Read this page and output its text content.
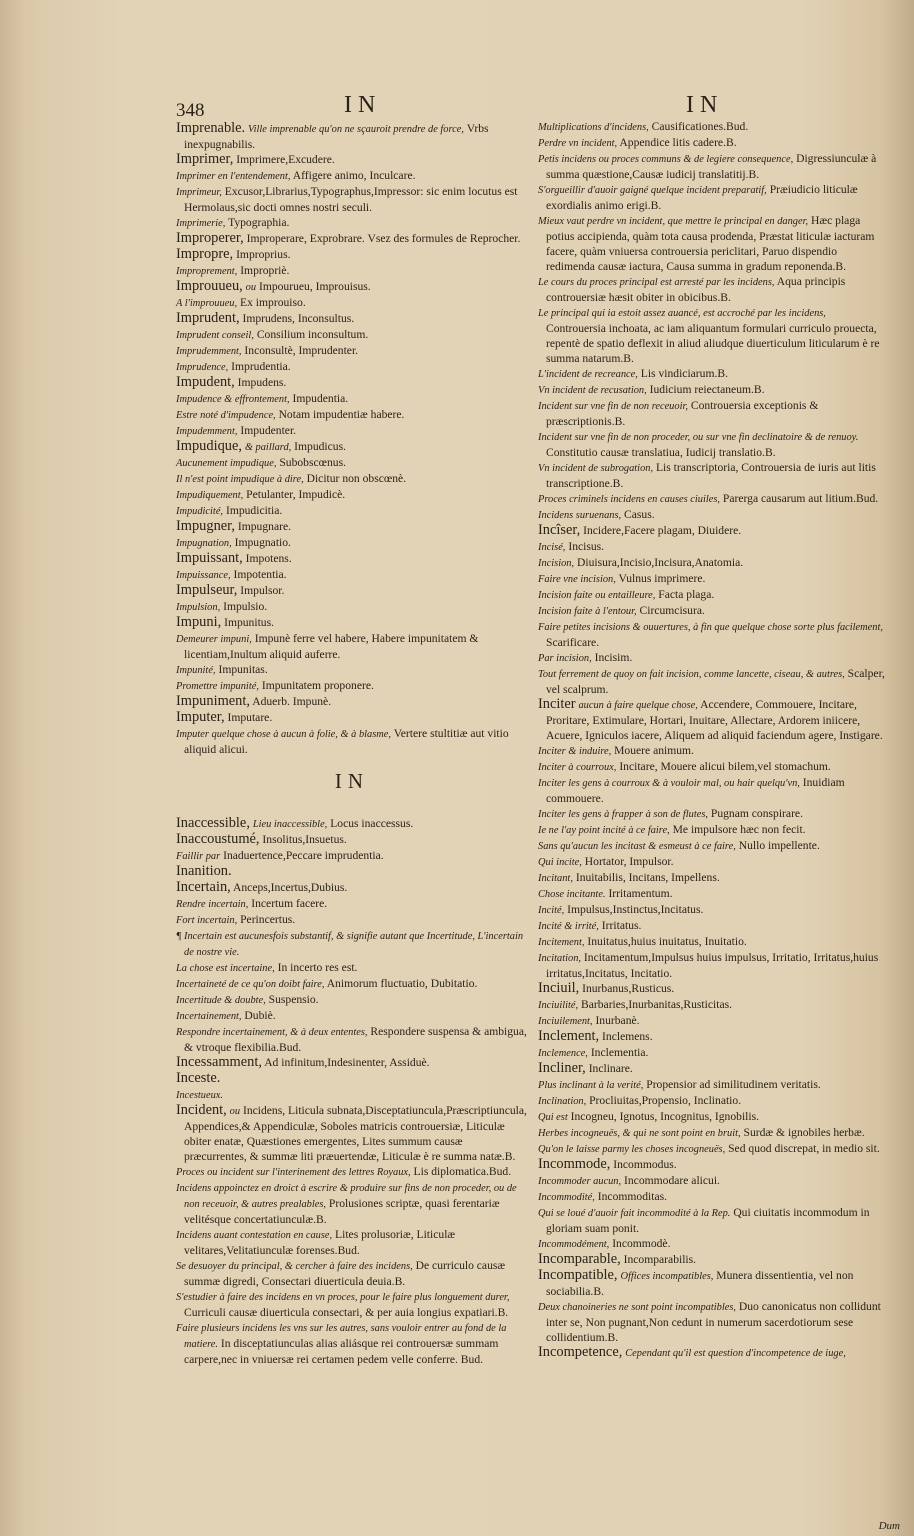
348	IN	IN

Imprenable. Ville imprenable qu'on ne sçauroit prendre de force, Vrbs inexpugnabilis.

Imprimer, Imprimere,Excudere.

Imprimer en l'entendement, Affigere animo, Inculcare.

Imprimeur, Excusor,Librarius,Typographus,Impressor: sic enim locutus est Hermolaus,sic docti omnes nostri seculi.

Imprimerie, Typographia.

Improperer, Improperare, Exprobrare. Vsez des formules de Reprocher.

Impropre, Improprius.

Improprement, Impropriè.

Improuueu, ou Impourueu, Improuisus.

A l'improuueu, Ex improuiso.

Imprudent, Imprudens, Inconsultus.

Imprudent conseil, Consilium inconsultum.

Imprudemment, Inconsultè, Imprudenter.

Imprudence, Imprudentia.

Impudent, Impudens.

Impudence & effrontement, Impudentia.

Estre noté d'impudence, Notam impudentiæ habere.

Impudemment, Impudenter.

Impudique, & paillard, Impudicus.

Aucunement impudique, Subobscœnus.

Il n'est point impudique à dire, Dicitur non obscœnè.

Impudiquement, Petulanter, Impudicè.

Impudicité, Impudicitia.

Impugner, Impugnare.

Impugnation, Impugnatio.

Impuissant, Impotens.

Impuissance, Impotentia.

Impulseur, Impulsor.

Impulsion, Impulsio.

Impuni, Impunitus.

Demeurer impuni, Impunè ferre vel habere, Habere impunitatem & licentiam,Inultum aliquid auferre.

Impunité, Impunitas.

Promettre impunité, Impunitatem proponere.

Impuniment, Aduerb. Impunè.

Imputer, Imputare.

Imputer quelque chose à aucun à folie, & à blasme, Vertere stultitiæ aut vitio aliquid alicui.

IN

Inaccessible, Lieu inaccessible, Locus inaccessus.

Inaccoustumé, Insolitus,Insuetus.

Faillir par Inaduertence,Peccare imprudentia.

Inanition.

Incertain, Anceps,Incertus,Dubius.

Rendre incertain, Incertum facere.

Fort incertain, Perincertus.

¶ Incertain est aucunesfois substantif, & signifie autant que Incertitude, L'incertain de nostre vie.

La chose est incertaine, In incerto res est.

Incertaineté de ce qu'on doibt faire, Animorum fluctuatio, Dubitatio.

Incertitude & doubte, Suspensio.

Incertainement, Dubiè.

Respondre incertainement, & à deux ententes, Respondere suspensa & ambigua, & vtroque flexibilia.Bud.

Incessamment, Ad infinitum,Indesinenter, Assiduè.

Inceste.

Incestueux.

Incident, ou Incidens, Liticula subnata,Disceptatiuncula,Præscriptiuncula, Appendices,& Appendiculæ, Soboles matricis controuersiæ, Liticulæ obiter enatæ, Quæstiones emergentes, Lites summum causæ præcurrentes, & summæ liti præuertendæ, Liticulæ è re summa natæ.B.

Proces ou incident sur l'interinement des lettres Royaux, Lis diplomatica.Bud.

Incidens appoinctez en droict à escrire & produire sur fins de non proceder, ou de non receuoir, & autres prealables, Prolusiones scriptæ, quasi ferentariæ velitésque concertatiunculæ.B.

Incidens auant contestation en cause, Lites prolusoriæ, Liticulæ velitares,Velitatiunculæ forenses.Bud.

Se desuoyer du principal, & cercher à faire des incidens, De curriculo causæ summæ digredi, Consectari diuerticula deuia.B.

S'estudier à faire des incidens en vn proces, pour le faire plus longuement durer, Curriculi causæ diuerticula consectari, & per auia longius expatiari.B.

Faire plusieurs incidens les vns sur les autres, sans vouloir entrer au fond de la matiere. In disceptatiunculas alias aliásque rei controuersæ summam carpere,nec in vniuersæ rei certamen pedem velle conferre. Bud.

Multiplications d'incidens, Causificationes.Bud.

Perdre vn incident, Appendice litis cadere.B.

Petis incidens ou proces communs & de legiere consequence, Digressiunculæ à summa quæstione,Causæ iudicij translatitij.B.

S'orgueillir d'auoir gaigné quelque incident preparatif, Præiudicio liticulæ exordialis animo erigi.B.

Mieux vaut perdre vn incident, que mettre le principal en danger, Hæc plaga potius accipienda, quàm tota causa prodenda, Præstat liticulæ iacturam facere, quàm vniuersa controuersia periclitari, Paruo dispendio redimenda causæ iactura, Causa summa in gradum reponenda.B.

Le cours du proces principal est arresté par les incidens, Aqua principis controuersiæ hæsit obiter in obicibus.B.

Le principal qui ia estoit assez auancé, est accroché par les incidens, Controuersia inchoata, ac iam aliquantum formulari curriculo prouecta, repentè de spatio deflexit in aliud aliudque diuerticulum liticularum è re summa natarum.B.

L'incident de recreance, Lis vindiciarum.B.

Vn incident de recusation, Iudicium reiectaneum.B.

Incident sur vne fin de non receuoir, Controuersia exceptionis & præscriptionis.B.

Incident sur vne fin de non proceder, ou sur vne fin declinatoire & de renuoy. Constitutio causæ translatiua, Iudicij translatio.B.

Vn incident de subrogation, Lis transcriptoria, Controuersia de iuris aut litis transcriptione.B.

Proces criminels incidens en causes ciuiles, Parerga causarum aut litium.Bud.

Incidens suruenans, Casus.

Incîser, Incidere,Facere plagam, Diuidere.

Incisé, Incisus.

Incision, Diuisura,Incisio,Incisura,Anatomia.

Faire vne incision, Vulnus imprimere.

Incision faite ou entailleure, Facta plaga.

Incision faite à l'entour, Circumcisura.

Faire petites incisions & ouuertures, à fin que quelque chose sorte plus facilement, Scarificare.

Par incision, Incisim.

Tout ferrement de quoy on fait incision, comme lancette, ciseau, & autres, Scalper, vel scalprum.

Inciter aucun à faire quelque chose, Accendere, Commouere, Incitare, Proritare, Extimulare, Hortari, Inuitare, Allectare, Ardorem iniicere, Acuere, Igniculos iacere, Aliquem ad aliquid faciendum agere, Instigare.

Inciter & induire, Mouere animum.

Inciter à courroux, Incitare, Mouere alicui bilem,vel stomachum.

Inciter les gens à courroux & à vouloir mal, ou hair quelqu'vn, Inuidiam commouere.

Inciter les gens à frapper à son de flutes, Pugnam conspirare.

Ie ne l'ay point incité à ce faire, Me impulsore hæc non fecit.

Sans qu'aucun les incitast & esmeust à ce faire, Nullo impellente.

Qui incite, Hortator, Impulsor.

Incitant, Inuitabilis, Incitans, Impellens.

Chose incitante. Irritamentum.

Incité, Impulsus,Instinctus,Incitatus.

Incité & irrité, Irritatus.

Incitement, Inuitatus,huius inuitatus, Inuitatio.

Incitation, Incitamentum,Impulsus huius impulsus, Irritatio, Irritatus,huius irritatus,Incitatus, Incitatio.

Inciuil, Inurbanus,Rusticus.

Inciuilité, Barbaries,Inurbanitas,Rusticitas.

Inciuilement, Inurbanè.

Inclement, Inclemens.

Inclemence, Inclementia.

Incliner, Inclinare.

Plus inclinant à la verité, Propensior ad similitudinem veritatis.

Inclination, Procliuitas,Propensio, Inclinatio.

Qui est Incogneu, Ignotus, Incognitus, Ignobilis.

Herbes incogneuës, & qui ne sont point en bruit, Surdæ & ignobiles herbæ.

Qu'on le laisse parmy les choses incogneuës, Sed quod discrepat, in medio sit.

Incommode, Incommodus.

Incommoder aucun, Incommodare alicui.

Incommodité, Incommoditas.

Qui se loué d'auoir fait incommodité à la Rep. Qui ciuitatis incommodum in gloriam suam ponit.

Incommodément, Incommodè.

Incomparable, Incomparabilis.

Incompatible, Offices incompatibles, Munera dissentientia, vel non sociabilia.B.

Deux chanoineries ne sont point incompatibles, Duo canonicatus non collidunt inter se, Non pugnant,Non cedunt in numerum sacerdotiorum sese collidentium.B.

Incompetence, Cependant qu'il est question d'incompetence de iuge,

Dum
